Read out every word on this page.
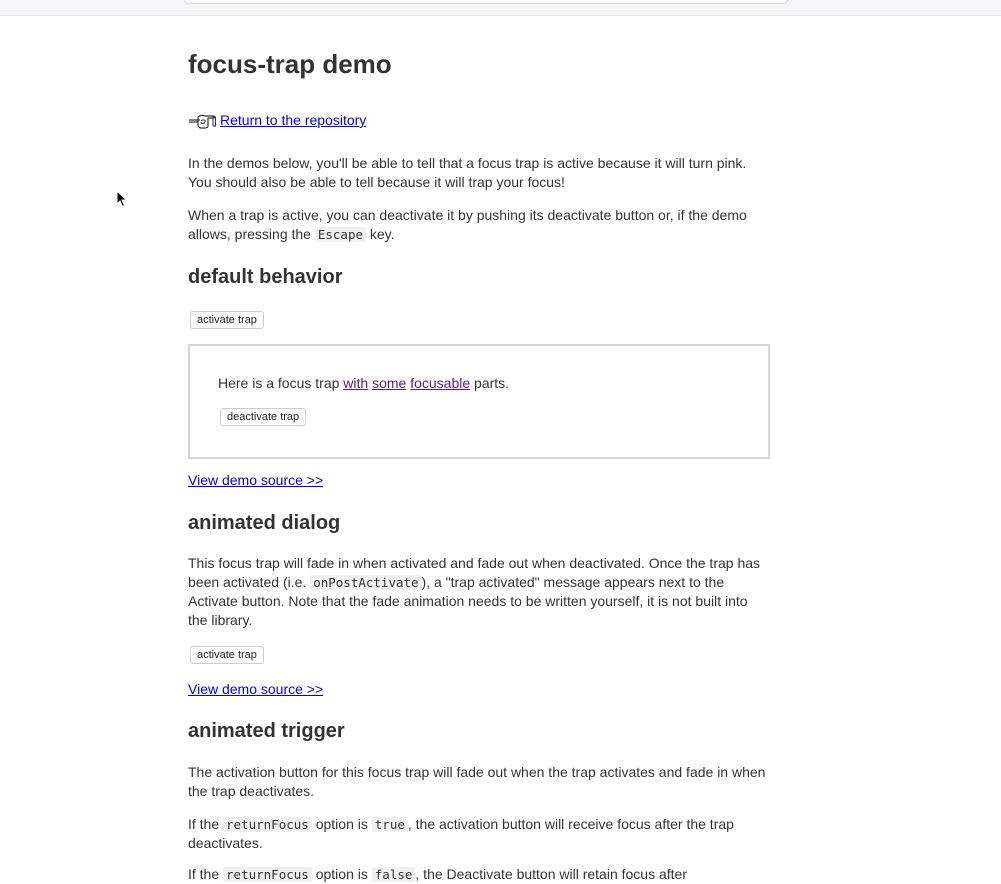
focus-trap demo
Return to the repository

In the demos below, you'll be able to tell that a focus trap is active because it will turn pink. You should also be able to tell because it will trap your focus!

When a trap is active, you can deactivate it by pushing its deactivate button or, if the demo allows, pressing the Escape key.

default behavior
activate trap
Here is a focus trap with some focusable parts.
deactivate trap
View demo source >>
animated dialog

This focus trap will fade in when activated and fade out when deactivated. Once the trap has been activated (i.e. onPostActivate ), a "trap activated" message appears next to the Activate button. Note that the fade animation needs to be written yourself, it is not built into the library.

activate trap
View demo source >>
animated trigger

The activation button for this focus trap will fade out when the trap activates and fade in when the trap deactivates.

If the returnFocus option is true , the activation button will receive focus after the trap deactivates.

If the returnFocus option is false , the Deactivate button will retain focus after
